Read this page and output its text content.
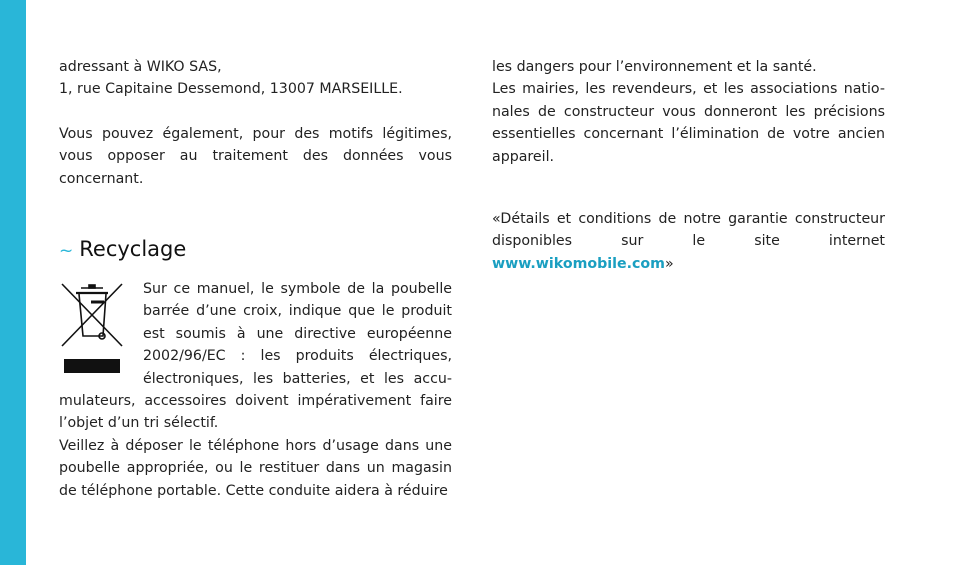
adressant à WIKO SAS,

1, rue Capitaine Dessemond, 13007 MARSEILLE.

Vous pouvez également, pour des motifs légitimes, vous opposer au traitement des données vous concernant.

~ Recyclage

Sur ce manuel, le symbole de la poubelle barrée d’une croix, indique que le produit est soumis à une directive européenne 2002/96/EC : les produits électriques, électroniques, les batteries, et les accu-mulateurs, accessoires doivent impérativement faire l’objet d’un tri sélectif.

Veillez à déposer le téléphone hors d’usage dans une poubelle appropriée, ou le restituer dans un magasin de téléphone portable. Cette conduite aidera à réduire

les dangers pour l’environnement et la santé.

Les mairies, les revendeurs, et les associations natio-nales de constructeur vous donneront les précisions essentielles concernant l’élimination de votre ancien appareil.

«Détails et conditions de notre garantie constructeur disponibles sur le site internet www.wikomobile.com»
